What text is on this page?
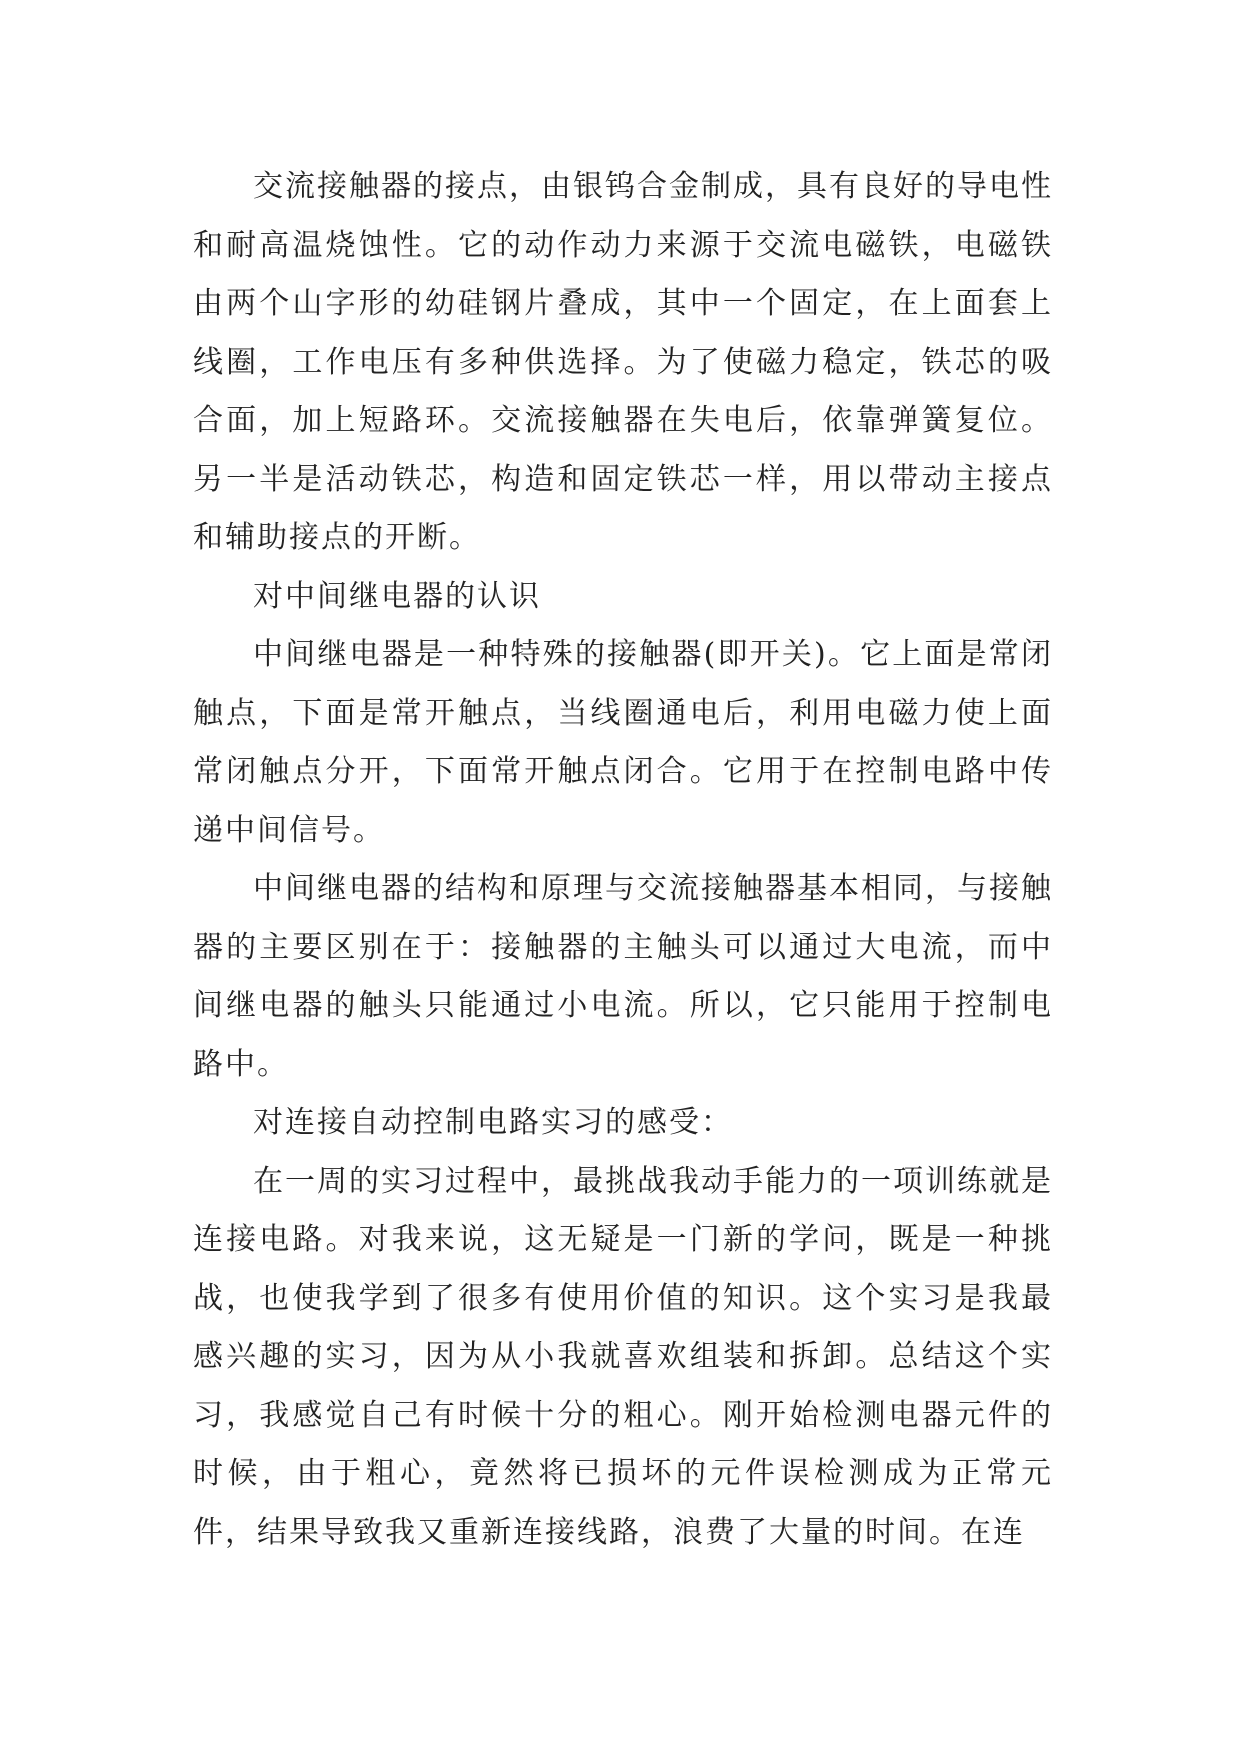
交流接触器的接点，由银钨合金制成，具有良好的导电性和耐高温烧蚀性。它的动作动力来源于交流电磁铁，电磁铁由两个山字形的幼硅钢片叠成，其中一个固定，在上面套上线圈，工作电压有多种供选择。为了使磁力稳定，铁芯的吸合面，加上短路环。交流接触器在失电后，依靠弹簧复位。另一半是活动铁芯，构造和固定铁芯一样，用以带动主接点和辅助接点的开断。

对中间继电器的认识

中间继电器是一种特殊的接触器(即开关)。它上面是常闭触点，下面是常开触点，当线圈通电后，利用电磁力使上面常闭触点分开，下面常开触点闭合。它用于在控制电路中传递中间信号。

中间继电器的结构和原理与交流接触器基本相同，与接触器的主要区别在于：接触器的主触头可以通过大电流，而中间继电器的触头只能通过小电流。所以，它只能用于控制电路中。

对连接自动控制电路实习的感受：

在一周的实习过程中，最挑战我动手能力的一项训练就是连接电路。对我来说，这无疑是一门新的学问，既是一种挑战，也使我学到了很多有使用价值的知识。这个实习是我最感兴趣的实习，因为从小我就喜欢组装和拆卸。总结这个实习，我感觉自己有时候十分的粗心。刚开始检测电器元件的时候，由于粗心，竟然将已损坏的元件误检测成为正常元件，结果导致我又重新连接线路，浪费了大量的时间。在连
